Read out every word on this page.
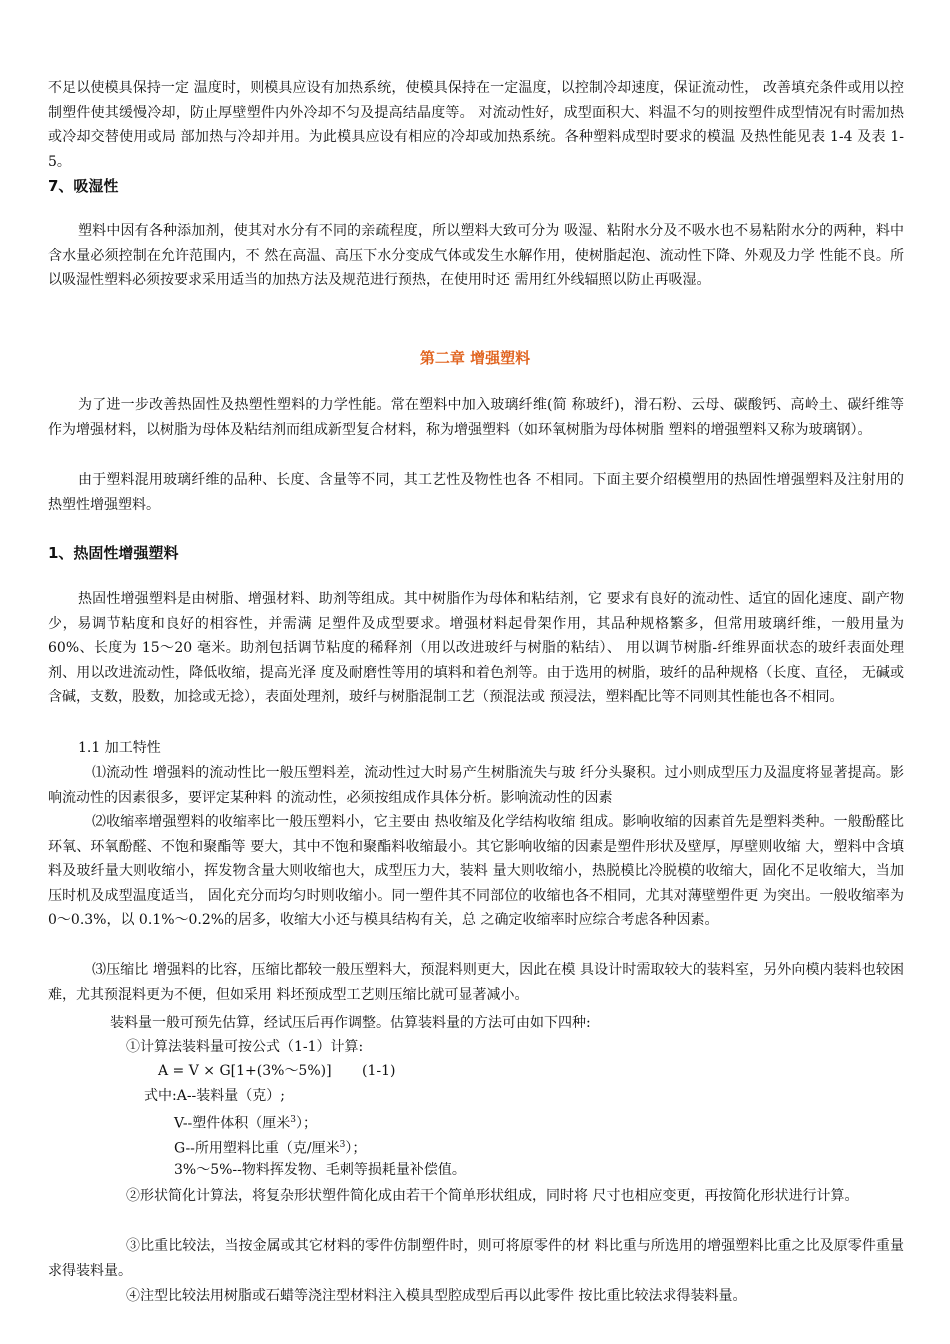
不足以使模具保持一定 温度时，则模具应设有加热系统，使模具保持在一定温度，以控制冷却速度，保证流动性， 改善填充条件或用以控制塑件使其缓慢冷却，防止厚壁塑件内外冷却不匀及提高结晶度等。 对流动性好，成型面积大、料温不匀的则按塑件成型情况有时需加热或冷却交替使用或局 部加热与冷却并用。为此模具应设有相应的冷却或加热系统。各种塑料成型时要求的模温 及热性能见表 1-4 及表 1-5。

7、吸湿性

塑料中因有各种添加剂，使其对水分有不同的亲疏程度，所以塑料大致可分为 吸湿、粘附水分及不吸水也不易粘附水分的两种，料中含水量必须控制在允许范围内，不 然在高温、高压下水分变成气体或发生水解作用，使树脂起泡、流动性下降、外观及力学 性能不良。所以吸湿性塑料必须按要求采用适当的加热方法及规范进行预热，在使用时还 需用红外线辐照以防止再吸湿。

第二章 增强塑料

为了进一步改善热固性及热塑性塑料的力学性能。常在塑料中加入玻璃纤维(简 称玻纤)，滑石粉、云母、碳酸钙、高岭土、碳纤维等作为增强材料，以树脂为母体及粘结剂而组成新型复合材料，称为增强塑料（如环氧树脂为母体树脂 塑料的增强塑料又称为玻璃钢）。

由于塑料混用玻璃纤维的品种、长度、含量等不同，其工艺性及物性也各 不相同。下面主要介绍模塑用的热固性增强塑料及注射用的热塑性增强塑料。

1、热固性增强塑料

热固性增强塑料是由树脂、增强材料、助剂等组成。其中树脂作为母体和粘结剂，它 要求有良好的流动性、适宜的固化速度、副产物少，易调节粘度和良好的相容性，并需满 足塑件及成型要求。增强材料起骨架作用，其品种规格繁多，但常用玻璃纤维，一般用量为 60%、长度为 15～20 毫米。助剂包括调节粘度的稀释剂（用以改进玻纤与树脂的粘结）、 用以调节树脂-纤维界面状态的玻纤表面处理剂、用以改进流动性，降低收缩，提高光泽 度及耐磨性等用的填料和着色剂等。由于选用的树脂，玻纤的品种规格（长度、直径， 无碱或含碱，支数，股数，加捻或无捻），表面处理剂，玻纤与树脂混制工艺（预混法或 预浸法，塑料配比等不同则其性能也各不相同。

1.1 加工特性

⑴流动性 增强料的流动性比一般压塑料差，流动性过大时易产生树脂流失与玻 纤分头聚积。过小则成型压力及温度将显著提高。影响流动性的因素很多，要评定某种料 的流动性，必须按组成作具体分析。影响流动性的因素

⑵收缩率增强塑料的收缩率比一般压塑料小，它主要由 热收缩及化学结构收缩 组成。影响收缩的因素首先是塑料类种。一般酚醛比环氧、环氧酚醛、不饱和聚酯等 要大，其中不饱和聚酯料收缩最小。其它影响收缩的因素是塑件形状及壁厚，厚壁则收缩 大，塑料中含填料及玻纤量大则收缩小，挥发物含量大则收缩也大，成型压力大，装料 量大则收缩小，热脱模比冷脱模的收缩大，固化不足收缩大，当加压时机及成型温度适当， 固化充分而均匀时则收缩小。同一塑件其不同部位的收缩也各不相同，尤其对薄壁塑件更 为突出。一般收缩率为 0～0.3%，以 0.1%～0.2%的居多，收缩大小还与模具结构有关，总 之确定收缩率时应综合考虑各种因素。

⑶压缩比 增强料的比容，压缩比都较一般压塑料大，预混料则更大，因此在模 具设计时需取较大的装料室，另外向模内装料也较困难，尤其预混料更为不便，但如采用 料坯预成型工艺则压缩比就可显著减小。

装料量一般可预先估算，经试压后再作调整。估算装料量的方法可由如下四种:

①计算法装料量可按公式（1-1）计算:

A = V × G[1+(3%～5%)] (1-1)

式中:A--装料量（克）;

V--塑件体积（厘米$^3$）；

G--所用塑料比重（克/厘米$^3$）；

3%～5%--物料挥发物、毛刺等损耗量补偿值。

②形状简化计算法，将复杂形状塑件简化成由若干个简单形状组成，同时将 尺寸也相应变更，再按简化形状进行计算。

③比重比较法，当按金属或其它材料的零件仿制塑件时，则可将原零件的材 料比重与所选用的增强塑料比重之比及原零件重量求得装料量。

④注型比较法用树脂或石蜡等浇注型材料注入模具型腔成型后再以此零件 按比重比较法求得装料量。
